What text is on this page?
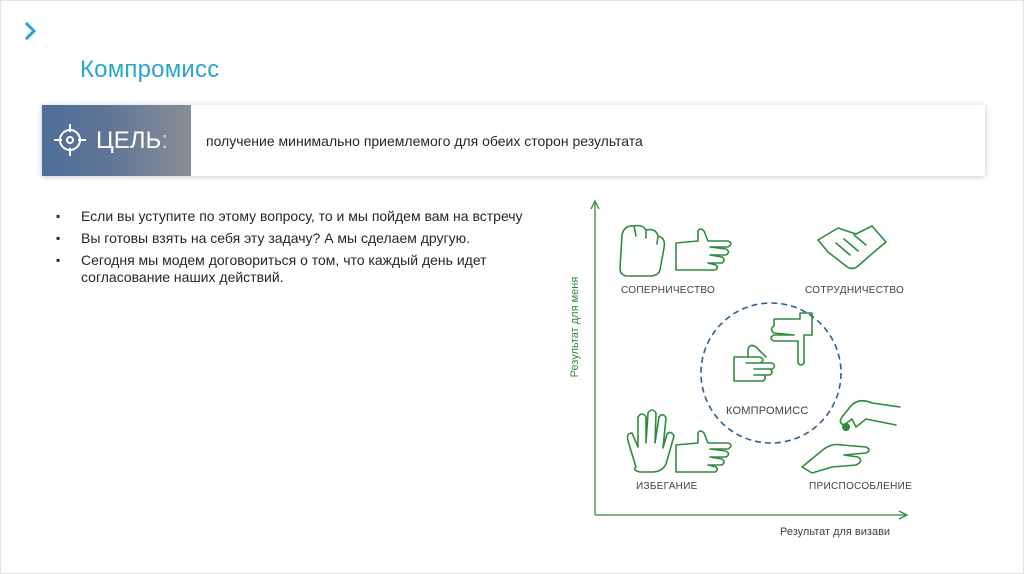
Компромисс
ЦЕЛЬ:	получение минимально приемлемого для обеих сторон результата
▪ Если вы уступите по этому вопросу, то и мы пойдем вам на встречу
▪ Вы готовы взять на себя эту задачу? А мы сделаем другую.
▪ Сегодня мы модем договориться о том, что каждый день идет согласование наших действий.	Результат для меня
Результат для визави
СОПЕРНИЧЕСТВО	СОТРУДНИЧЕСТВО
КОМПРОМИСС
ИЗБЕГАНИЕ	ПРИСПОСОБЛЕНИЕ
